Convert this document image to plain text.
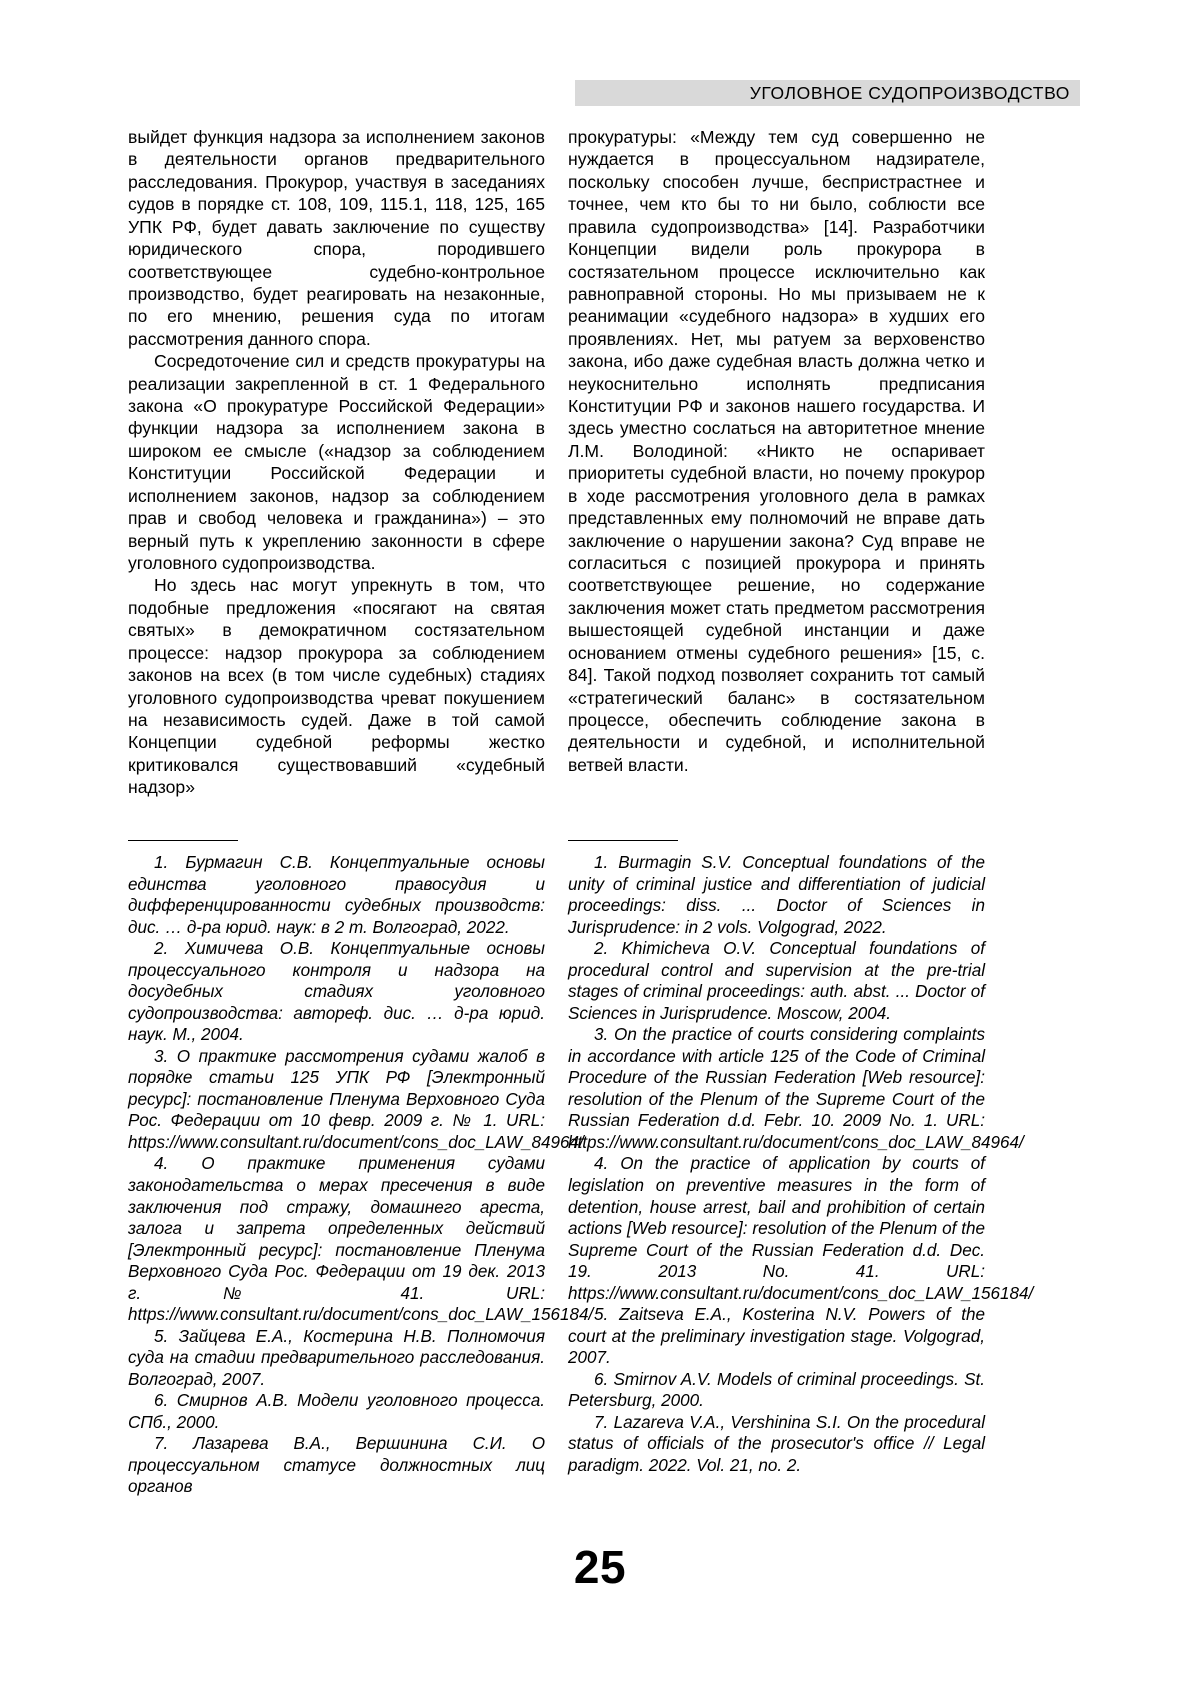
УГОЛОВНОЕ СУДОПРОИЗВОДСТВО

выйдет функция надзора за исполнением законов в деятельности органов предварительного расследования. Прокурор, участвуя в заседаниях судов в порядке ст. 108, 109, 115.1, 118, 125, 165 УПК РФ, будет давать заключение по существу юридического спора, породившего соответствующее судебно-контрольное производство, будет реагировать на незаконные, по его мнению, решения суда по итогам рассмотрения данного спора.

Сосредоточение сил и средств прокуратуры на реализации закрепленной в ст. 1 Федерального закона «О прокуратуре Российской Федерации» функции надзора за исполнением закона в широком ее смысле («надзор за соблюдением Конституции Российской Федерации и исполнением законов, надзор за соблюдением прав и свобод человека и гражданина») – это верный путь к укреплению законности в сфере уголовного судопроизводства.

Но здесь нас могут упрекнуть в том, что подобные предложения «посягают на святая святых» в демократичном состязательном процессе: надзор прокурора за соблюдением законов на всех (в том числе судебных) стадиях уголовного судопроизводства чреват покушением на независимость судей. Даже в той самой Концепции судебной реформы жестко критиковался существовавший «судебный надзор»

прокуратуры: «Между тем суд совершенно не нуждается в процессуальном надзирателе, поскольку способен лучше, беспристрастнее и точнее, чем кто бы то ни было, соблюсти все правила судопроизводства» [14]. Разработчики Концепции видели роль прокурора в состязательном процессе исключительно как равноправной стороны. Но мы призываем не к реанимации «судебного надзора» в худших его проявлениях. Нет, мы ратуем за верховенство закона, ибо даже судебная власть должна четко и неукоснительно исполнять предписания Конституции РФ и законов нашего государства. И здесь уместно сослаться на авторитетное мнение Л.М. Володиной: «Никто не оспаривает приоритеты судебной власти, но почему прокурор в ходе рассмотрения уголовного дела в рамках представленных ему полномочий не вправе дать заключение о нарушении закона? Суд вправе не согласиться с позицией прокурора и принять соответствующее решение, но содержание заключения может стать предметом рассмотрения вышестоящей судебной инстанции и даже основанием отмены судебного решения» [15, с. 84]. Такой подход позволяет сохранить тот самый «стратегический баланс» в состязательном процессе, обеспечить соблюдение закона в деятельности и судебной, и исполнительной ветвей власти.

1. Бурмагин С.В. Концептуальные основы единства уголовного правосудия и дифференцированности судебных производств: дис. … д-ра юрид. наук: в 2 т. Волгоград, 2022.

2. Химичева О.В. Концептуальные основы процессуального контроля и надзора на досудебных стадиях уголовного судопроизводства: автореф. дис. … д-ра юрид. наук. М., 2004.

3. О практике рассмотрения судами жалоб в порядке статьи 125 УПК РФ [Электронный ресурс]: постановление Пленума Верховного Суда Рос. Федерации от 10 февр. 2009 г. № 1. URL: https://www.consultant.ru/document/cons_doc_LAW_84964/

4. О практике применения судами законодательства о мерах пресечения в виде заключения под стражу, домашнего ареста, залога и запрета определенных действий [Электронный ресурс]: постановление Пленума Верховного Суда Рос. Федерации от 19 дек. 2013 г. № 41. URL: https://www.consultant.ru/document/cons_doc_LAW_156184/

5. Зайцева Е.А., Костерина Н.В. Полномочия суда на стадии предварительного расследования. Волгоград, 2007.

6. Смирнов А.В. Модели уголовного процесса. СПб., 2000.

7. Лазарева В.А., Вершинина С.И. О процессуальном статусе должностных лиц органов

1. Burmagin S.V. Conceptual foundations of the unity of criminal justice and differentiation of judicial proceedings: diss. ... Doctor of Sciences in Jurisprudence: in 2 vols. Volgograd, 2022.

2. Khimicheva O.V. Conceptual foundations of procedural control and supervision at the pre-trial stages of criminal proceedings: auth. abst. ... Doctor of Sciences in Jurisprudence. Moscow, 2004.

3. On the practice of courts considering complaints in accordance with article 125 of the Code of Criminal Procedure of the Russian Federation [Web resource]: resolution of the Plenum of the Supreme Court of the Russian Federation d.d. Febr. 10. 2009 No. 1. URL: https://www.consultant.ru/document/cons_doc_LAW_84964/

4. On the practice of application by courts of legislation on preventive measures in the form of detention, house arrest, bail and prohibition of certain actions [Web resource]: resolution of the Plenum of the Supreme Court of the Russian Federation d.d. Dec. 19. 2013 No. 41. URL: https://www.consultant.ru/document/cons_doc_LAW_156184/

5. Zaitseva E.A., Kosterina N.V. Powers of the court at the preliminary investigation stage. Volgograd, 2007.

6. Smirnov A.V. Models of criminal proceedings. St. Petersburg, 2000.

7. Lazareva V.A., Vershinina S.I. On the procedural status of officials of the prosecutor's office // Legal paradigm. 2022. Vol. 21, no. 2.

25
